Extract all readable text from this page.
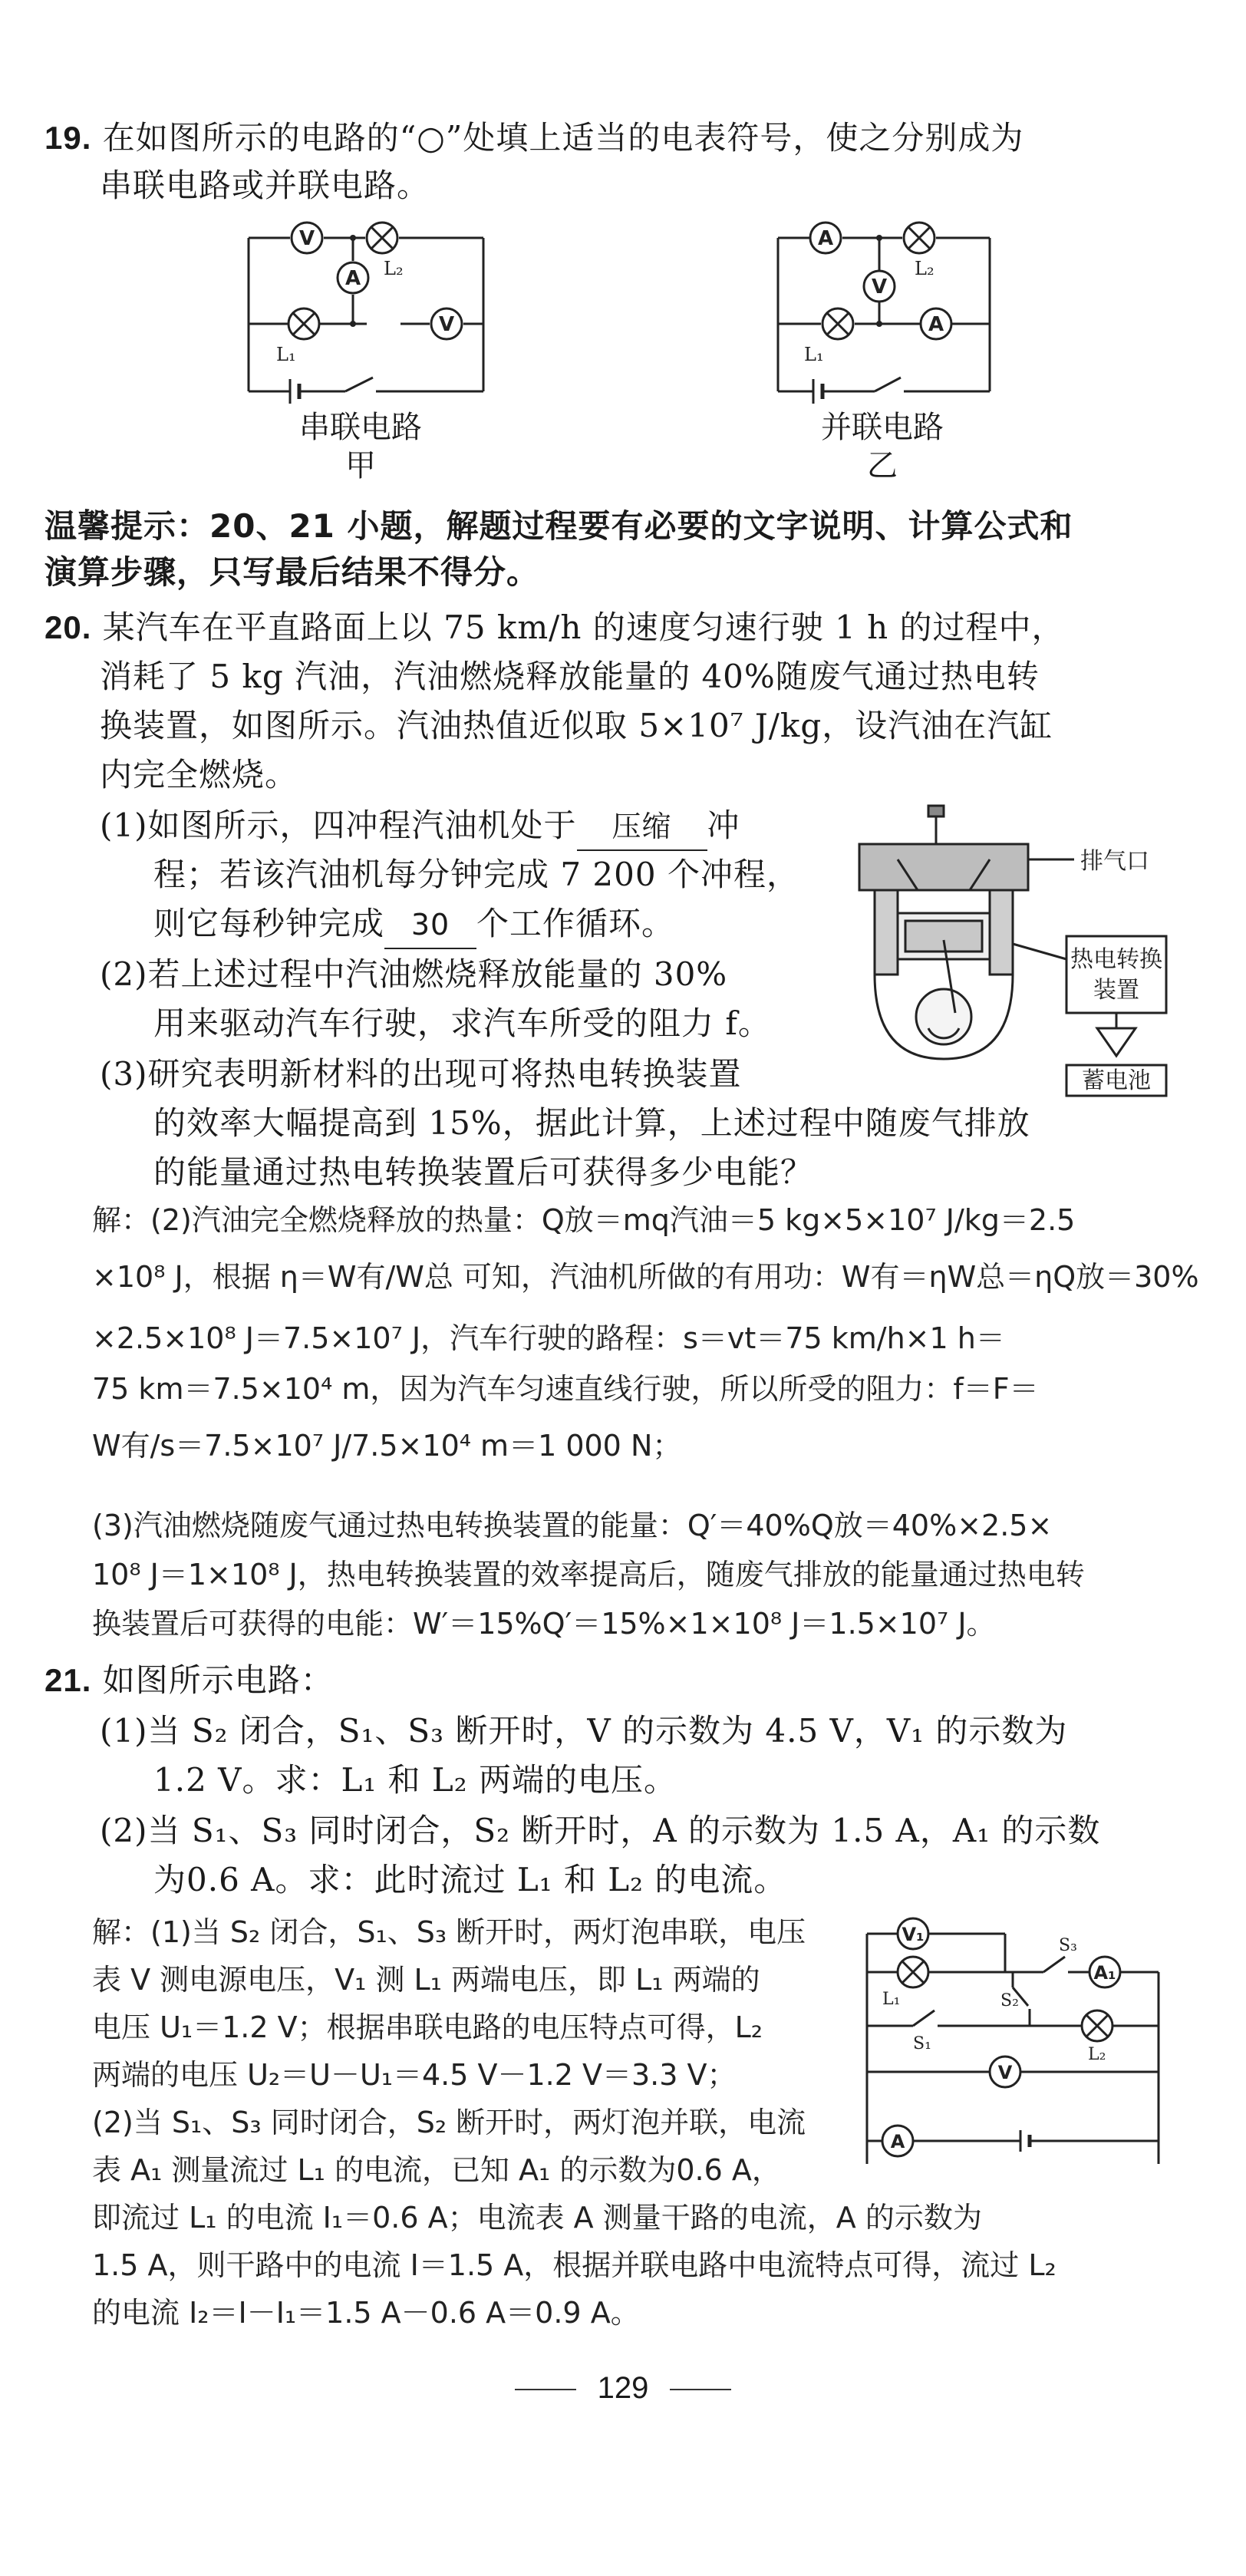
19. 在如图所示的电路的“○”处填上适当的电表符号，使之分别成为
串联电路或并联电路。
V
A
V
L₂
L₁
串联电路
甲
A
V
A
L₂
L₁
并联电路
乙
温馨提示：20、21 小题，解题过程要有必要的文字说明、计算公式和
演算步骤，只写最后结果不得分。
20. 某汽车在平直路面上以 75 km/h 的速度匀速行驶 1 h 的过程中，
消耗了 5 kg 汽油，汽油燃烧释放能量的 40%随废气通过热电转
换装置，如图所示。汽油热值近似取 5×10⁷ J/kg，设汽油在汽缸
内完全燃烧。
(1)如图所示，四冲程汽油机处于 压缩 冲
程；若该汽油机每分钟完成 7 200 个冲程，
则它每秒钟完成 30 个工作循环。
(2)若上述过程中汽油燃烧释放能量的 30%
用来驱动汽车行驶，求汽车所受的阻力 f。
(3)研究表明新材料的出现可将热电转换装置
的效率大幅提高到 15%，据此计算，上述过程中随废气排放
的能量通过热电转换装置后可获得多少电能？
排气口
热电转换
装置
蓄电池
解：(2)汽油完全燃烧释放的热量：Q放＝mq汽油＝5 kg×5×10⁷ J/kg＝2.5
×10⁸ J，根据 η＝W有/W总 可知，汽油机所做的有用功：W有＝ηW总＝ηQ放＝30%
×2.5×10⁸ J＝7.5×10⁷ J，汽车行驶的路程：s＝vt＝75 km/h×1 h＝
75 km＝7.5×10⁴ m，因为汽车匀速直线行驶，所以所受的阻力：f＝F＝
W有/s＝7.5×10⁷ J/7.5×10⁴ m＝1 000 N；
(3)汽油燃烧随废气通过热电转换装置的能量：Q′＝40%Q放＝40%×2.5×
10⁸ J＝1×10⁸ J，热电转换装置的效率提高后，随废气排放的能量通过热电转
换装置后可获得的电能：W′＝15%Q′＝15%×1×10⁸ J＝1.5×10⁷ J。
21. 如图所示电路：
(1)当 S₂ 闭合，S₁、S₃ 断开时，V 的示数为 4.5 V，V₁ 的示数为
1.2 V。求：L₁ 和 L₂ 两端的电压。
(2)当 S₁、S₃ 同时闭合，S₂ 断开时，A 的示数为 1.5 A，A₁ 的示数
为0.6 A。求：此时流过 L₁ 和 L₂ 的电流。
解：(1)当 S₂ 闭合，S₁、S₃ 断开时，两灯泡串联，电压
表 V 测电源电压，V₁ 测 L₁ 两端电压，即 L₁ 两端的
电压 U₁＝1.2 V；根据串联电路的电压特点可得，L₂
两端的电压 U₂＝U－U₁＝4.5 V－1.2 V＝3.3 V；
(2)当 S₁、S₃ 同时闭合，S₂ 断开时，两灯泡并联，电流
表 A₁ 测量流过 L₁ 的电流，已知 A₁ 的示数为0.6 A，
即流过 L₁ 的电流 I₁＝0.6 A；电流表 A 测量干路的电流，A 的示数为
1.5 A，则干路中的电流 I＝1.5 A，根据并联电路中电流特点可得，流过 L₂
的电流 I₂＝I－I₁＝1.5 A－0.6 A＝0.9 A。
V₁
A₁
V
A
S₃
L₁	S₂
S₁
L₂
129
